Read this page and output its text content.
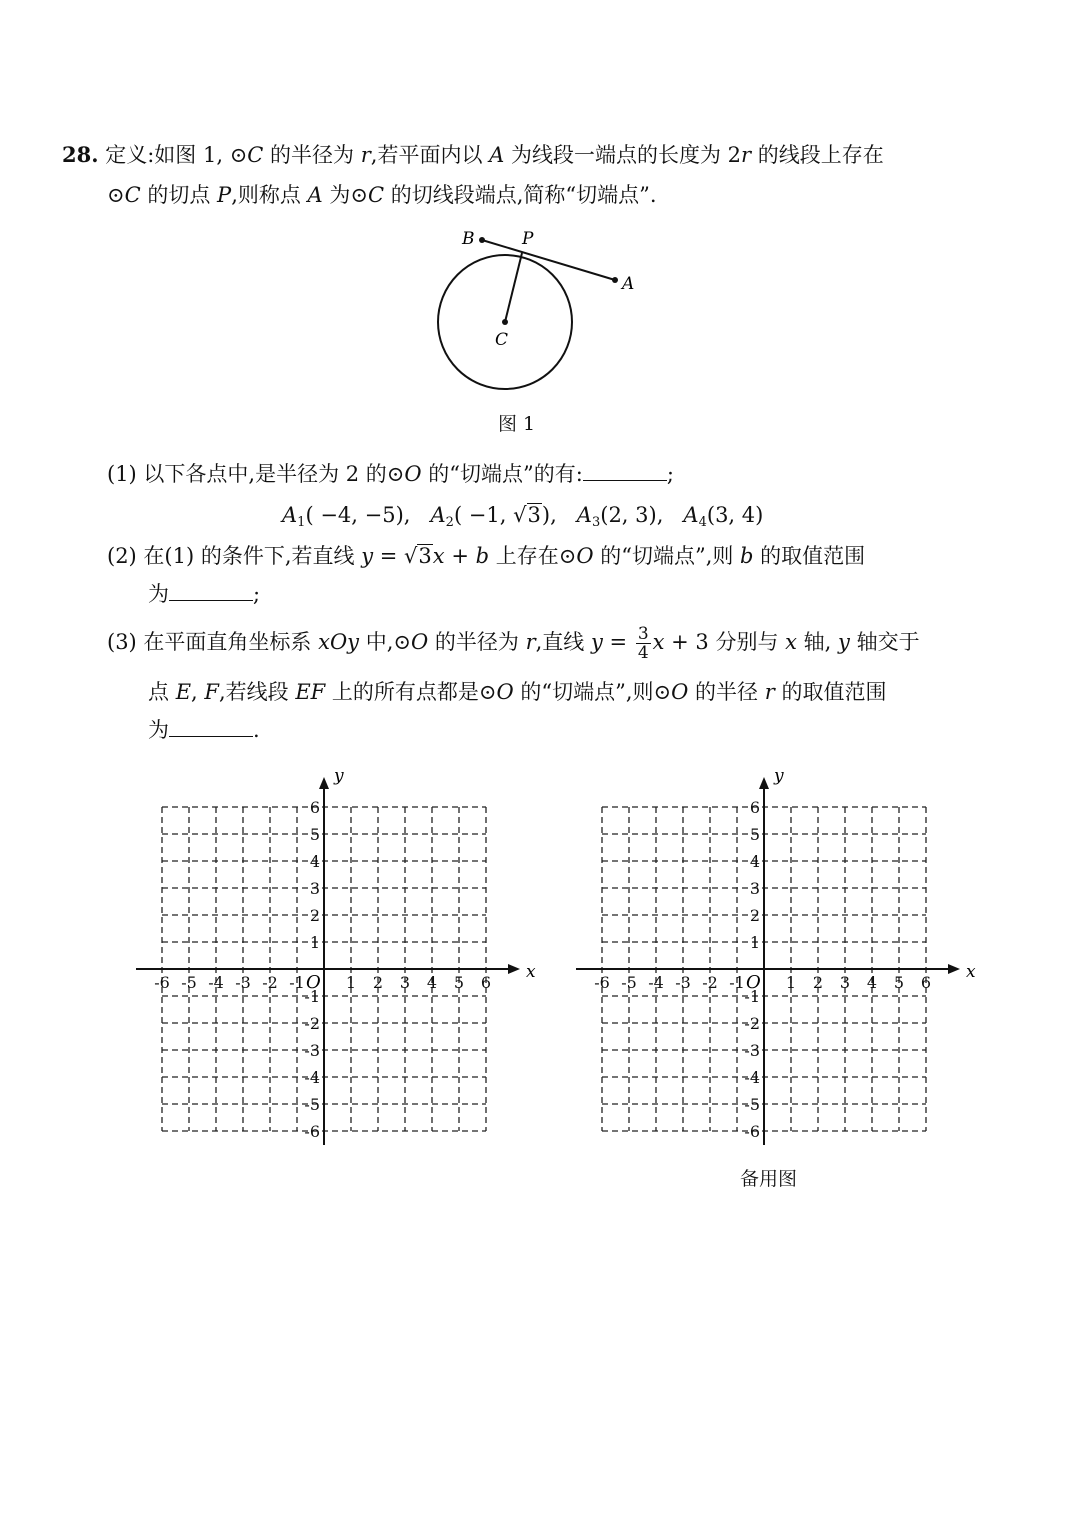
28. 定义:如图 1, ⊙C 的半径为 r,若平面内以 A 为线段一端点的长度为 2r 的线段上存在
⊙C 的切点 P,则称点 A 为⊙C 的切线段端点,简称“切端点”.
B	P
A
C
图 1
(1) 以下各点中,是半径为 2 的⊙O 的“切端点”的有:	;
$A_1( -4$, −5), $A_2( -1$, √3), $A_3(2$, 3), $A_4(3$, 4)
(2) 在(1) 的条件下,若直线 y = √3x + b 上存在⊙O 的“切端点”,则 b 的取值范围
为	;
(3) 在平面直角坐标系 xOy 中,⊙O 的半径为 r,直线 $y = \frac{3}{4}$ x + 3 分别与 x 轴, y 轴交于
点 E, F,若线段 EF 上的所有点都是⊙O 的“切端点”,则⊙O 的半径 r 的取值范围
为	.
x
y
O
-6 -5 -4 -3 -2 -1	1 2 3 4 5 6
6
5
4
3
2
1
-1
-2
-3
-4
-5
-6
x
y
O
-6 -5 -4 -3 -2 -1	1 2 3 4 5 6
6
5
4
3
2
1
-1
-2
-3
-4
-5
-6
备用图
